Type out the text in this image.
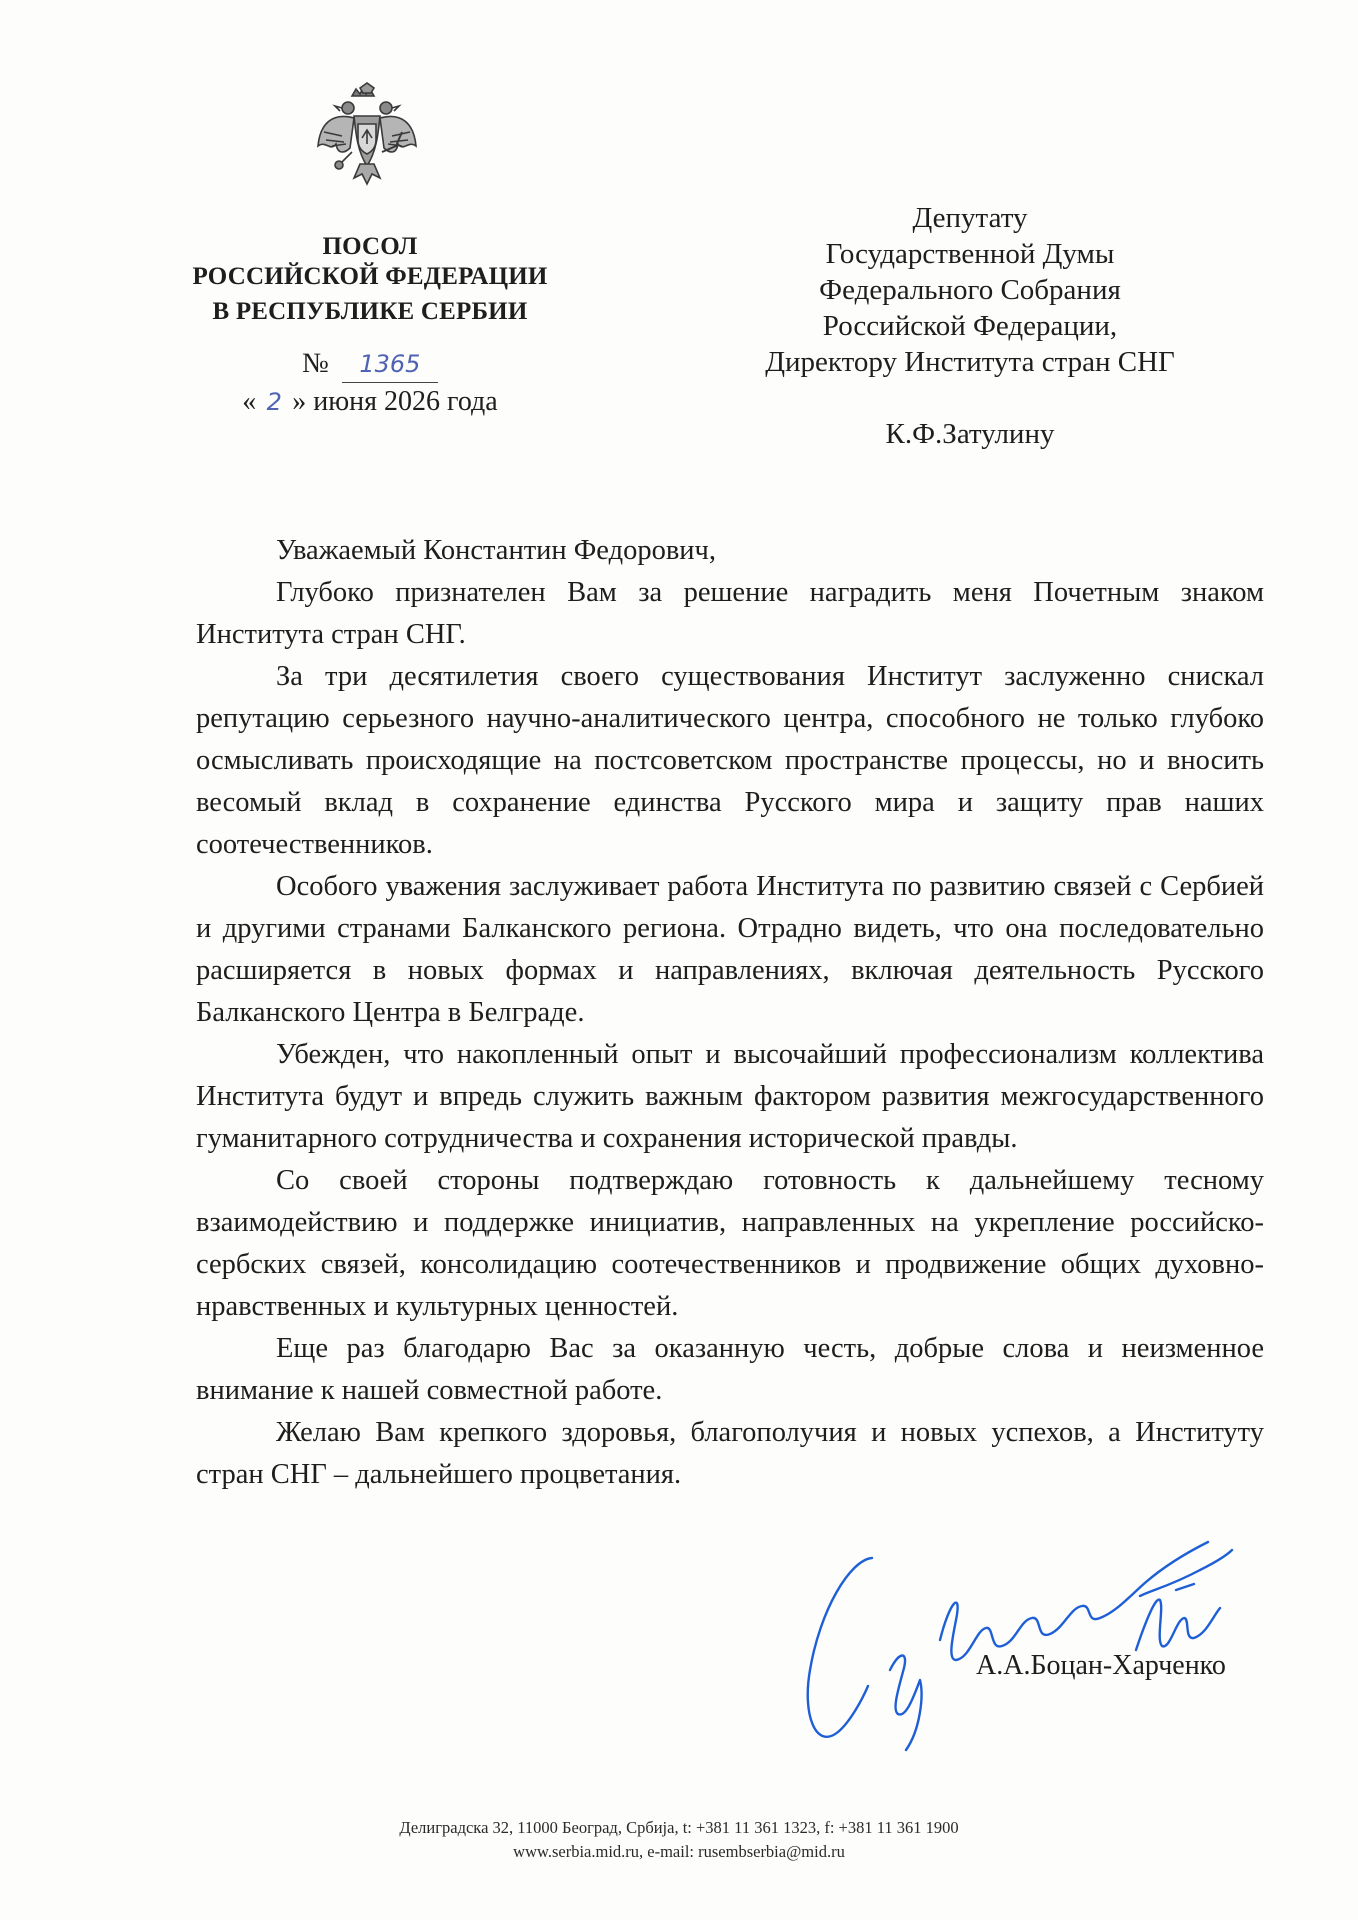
ПОСОЛ
РОССИЙСКОЙ ФЕДЕРАЦИИ
В РЕСПУБЛИКЕ СЕРБИИ
№ 1365
« 2 » июня 2026 года
Депутату
Государственной Думы
Федерального Собрания
Российской Федерации,
Директору Института стран СНГ
К.Ф.Затулину

Уважаемый Константин Федорович,

Глубоко признателен Вам за решение наградить меня Почетным знаком Института стран СНГ.

За три десятилетия своего существования Институт заслуженно снискал репутацию серьезного научно-аналитического центра, способного не только глубоко осмысливать происходящие на постсоветском пространстве процессы, но и вносить весомый вклад в сохранение единства Русского мира и защиту прав наших соотечественников.

Особого уважения заслуживает работа Института по развитию связей с Сербией и другими странами Балканского региона. Отрадно видеть, что она последовательно расширяется в новых формах и направлениях, включая деятельность Русского Балканского Центра в Белграде.

Убежден, что накопленный опыт и высочайший профессионализм коллектива Института будут и впредь служить важным фактором развития межгосударственного гуманитарного сотрудничества и сохранения исторической правды.

Со своей стороны подтверждаю готовность к дальнейшему тесному взаимодействию и поддержке инициатив, направленных на укрепление российско-сербских связей, консолидацию соотечественников и продвижение общих духовно-нравственных и культурных ценностей.

Еще раз благодарю Вас за оказанную честь, добрые слова и неизменное внимание к нашей совместной работе.

Желаю Вам крепкого здоровья, благополучия и новых успехов, а Институту стран СНГ – дальнейшего процветания.

А.А.Боцан-Харченко
Делиградска 32, 11000 Београд, Србија, t: +381 11 361 1323, f: +381 11 361 1900
www.serbia.mid.ru, e-mail: rusembserbia@mid.ru
